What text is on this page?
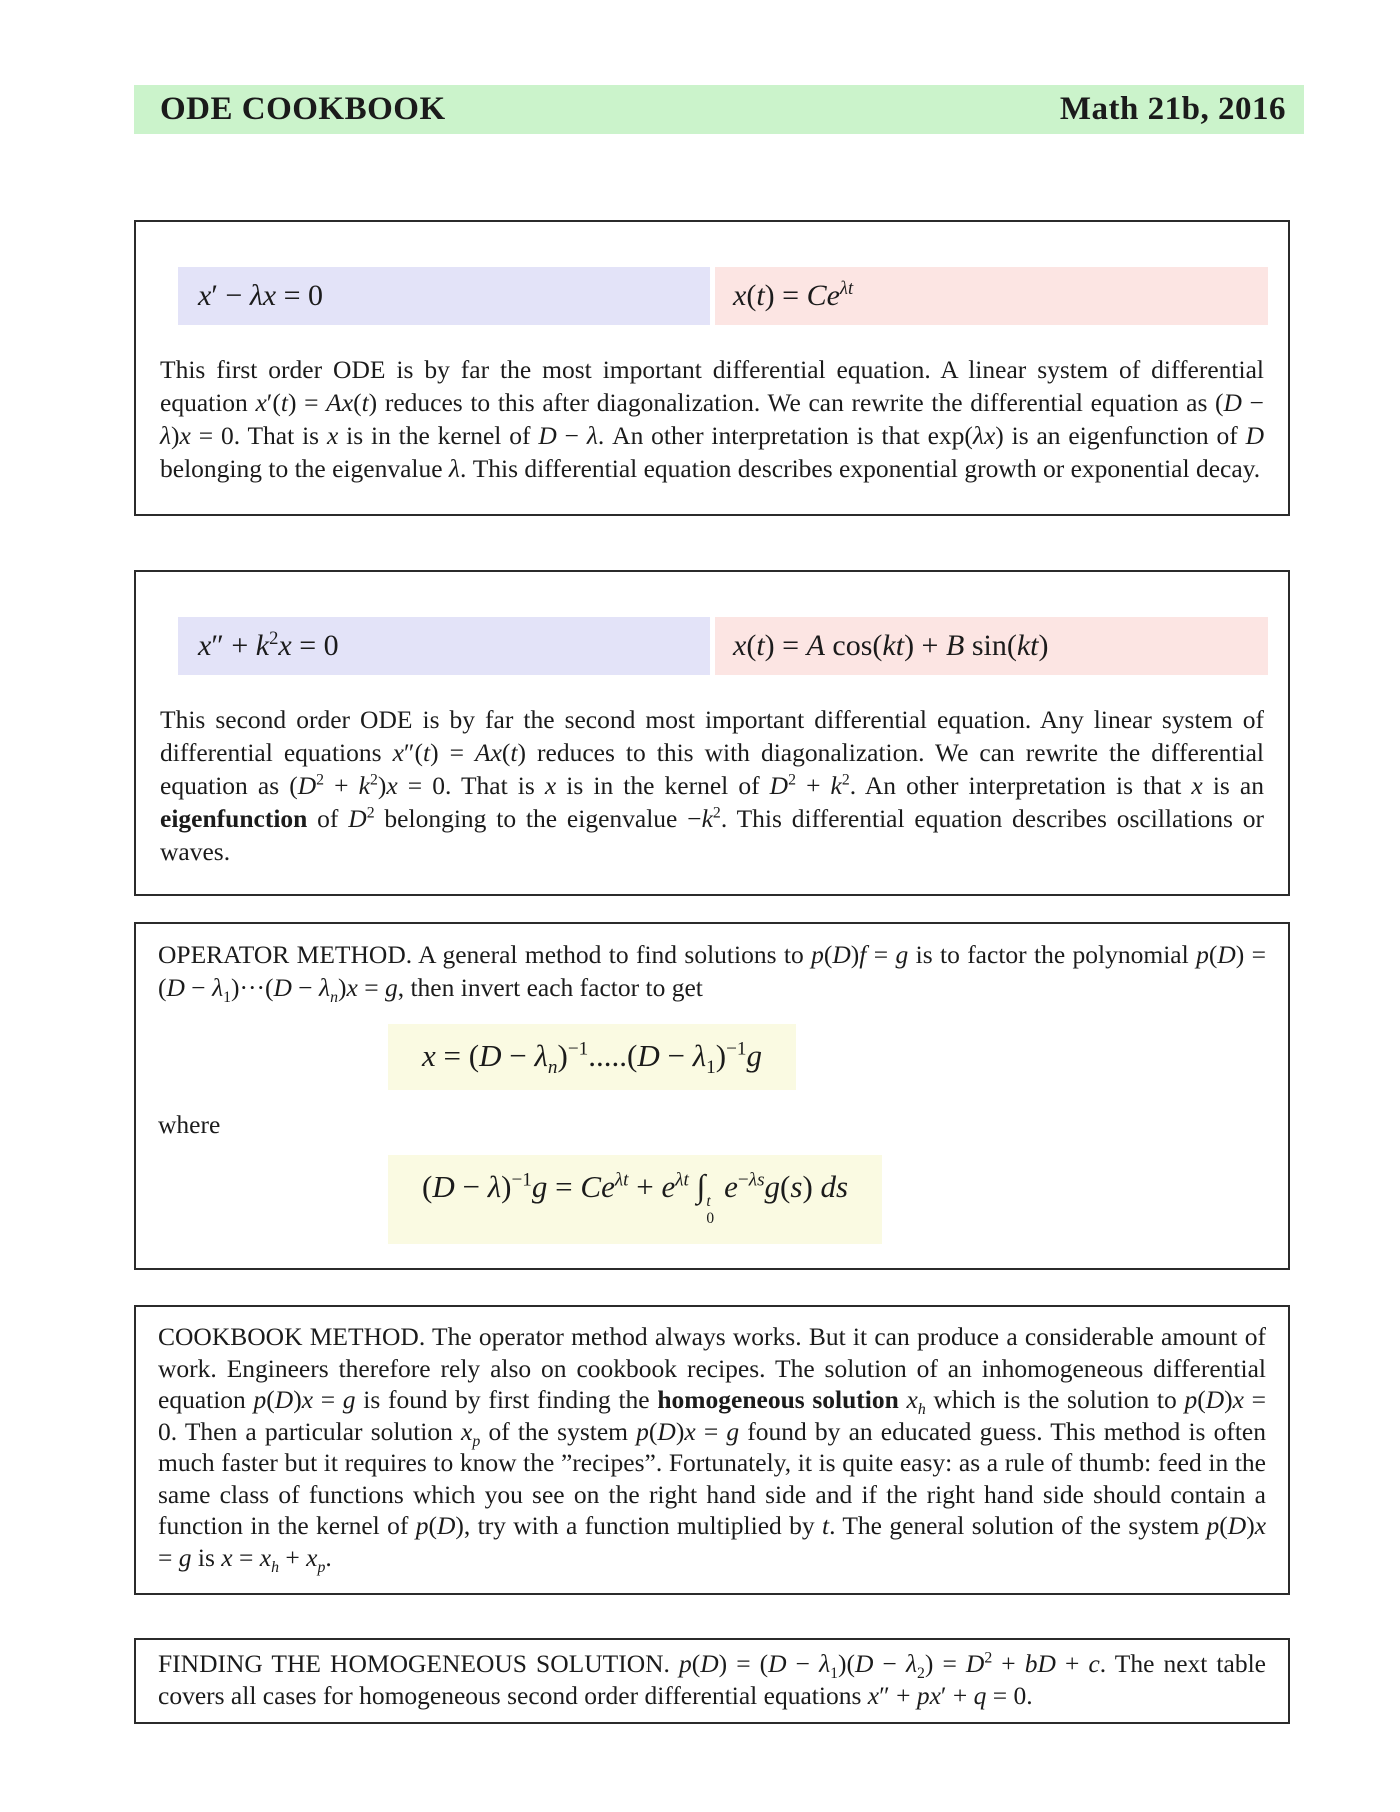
ODE COOKBOOK	Math 21b, 2016
x′ − λx = 0	$x(t) = Ce^{\lambda t}$

This first order ODE is by far the most important differential equation. A linear system of differential equation x′(t) = Ax(t) reduces to this after diagonalization. We can rewrite the differential equation as (D − λ)x = 0. That is x is in the kernel of D − λ. An other interpretation is that exp(λx) is an eigenfunction of D belonging to the eigenvalue λ. This differential equation describes exponential growth or exponential decay.

$x'' + k^2x = 0$	x(t) = A cos(kt) + B sin(kt)

This second order ODE is by far the second most important differential equation. Any linear system of differential equations x″(t) = Ax(t) reduces to this with diagonalization. We can rewrite the differential equation as $(D^2 + k^2)x = 0$. That is x is in the kernel of $D^2 + k^2$. An other interpretation is that x is an eigenfunction of $D^2$ belonging to the eigenvalue $-k^2$. This differential equation describes oscillations or waves.

OPERATOR METHOD. A general method to find solutions to p(D)f = g is to factor the polynomial $p(D) = (D - \lambda_1)\cdot\cdot\cdot(D - \lambda_n)x = g$, then invert each factor to get

$x = (D - \lambda_n)^{-1}.....(D - \lambda_1)^{-1}g$

where

$(D - \lambda)^{-1}g = Ce^{\lambda t} + e^{\lambda t}$ ∫ t
0
$e^{-\lambda s}g(s)$ ds

COOKBOOK METHOD. The operator method always works. But it can produce a considerable amount of work. Engineers therefore rely also on cookbook recipes. The solution of an inhomogeneous differential equation p(D)x = g is found by first finding the homogeneous solution $x_h$ which is the solution to p(D)x = 0. Then a particular solution $x_p$ of the system p(D)x = g found by an educated guess. This method is often much faster but it requires to know the ”recipes”. Fortunately, it is quite easy: as a rule of thumb: feed in the same class of functions which you see on the right hand side and if the right hand side should contain a function in the kernel of p(D), try with a function multiplied by t. The general solution of the system p(D)x = g is $x = x_h + x_p$.

FINDING THE HOMOGENEOUS SOLUTION. $p(D) = (D - \lambda_1)(D - \lambda_2) = D^2$ + bD + c. The next table covers all cases for homogeneous second order differential equations x″ + px′ + q = 0.
